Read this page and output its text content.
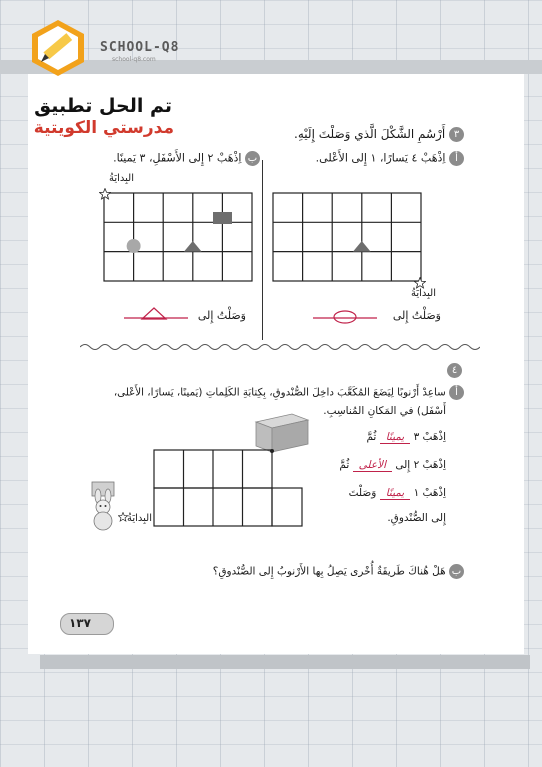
SCHOOL-Q8
school-q8.com
تم الحل تطبيق
مدرستي الكويتية	٣ أَرْسُمِ الشَّكْلَ الَّذي وَصَلْتَ إِلَيْهِ.
أ اِذْهَبْ ٤ يَسارًا، ١ إِلى الأَعْلى.
ب اِذْهَبْ ٢ إِلى الأَسْفَلِ، ٣ يَمينًا.
البِدايَةُ
وَصَلْتُ إِلى
البِدايَةُ
وَصَلْتُ إِلى
٤
أ ساعِدْ أَرْنوبًا لِيَضَعَ المُكَعَّبَ داخِلَ الصُّنْدوقِ، بِكِتابَةِ الكَلِماتِ (يَمينًا، يَسارًا، الأَعْلى،
أَسْفَل) في المَكانِ المُناسِبِ.
اِذْهَبْ ٣ يمينًا ثُمَّ
اِذْهَبْ ٢ إِلى الأعلى ثُمَّ
اِذْهَبْ ١ يمينًا وَصَلْتَ
إِلى الصُّنْدوقِ.
البِدايَةُ
ب هَلْ هُناكَ طَريقَةٌ أُخْرى يَصِلُ بِها الأَرْنوبُ إِلى الصُّنْدوقِ؟
١٣٧
